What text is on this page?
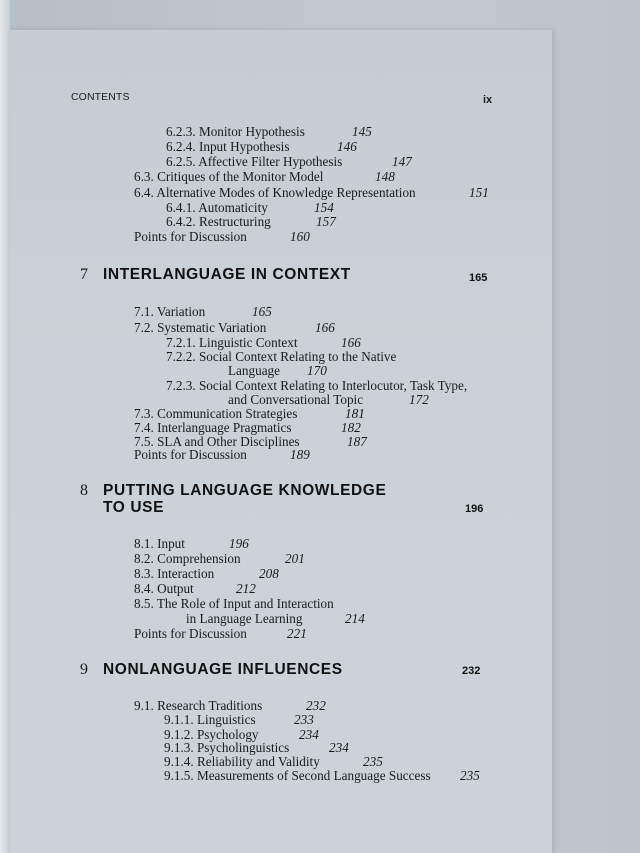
CONTENTS	ix
6.2.3. Monitor Hypothesis	145
6.2.4. Input Hypothesis	146
6.2.5. Affective Filter Hypothesis	147
6.3. Critiques of the Monitor Model	148
6.4. Alternative Modes of Knowledge Representation	151
6.4.1. Automaticity	154
6.4.2. Restructuring	157
Points for Discussion	160
7 INTERLANGUAGE IN CONTEXT	165
7.1. Variation	165
7.2. Systematic Variation	166
7.2.1. Linguistic Context	166
7.2.2. Social Context Relating to the Native
Language 170
7.2.3. Social Context Relating to Interlocutor, Task Type,
and Conversational Topic	172
7.3. Communication Strategies	181
7.4. Interlanguage Pragmatics	182
7.5. SLA and Other Disciplines	187
Points for Discussion	189
8 PUTTING LANGUAGE KNOWLEDGE
TO USE	196
8.1. Input	196
8.2. Comprehension	201
8.3. Interaction	208
8.4. Output	212
8.5. The Role of Input and Interaction
in Language Learning	214
Points for Discussion	221
9 NONLANGUAGE INFLUENCES	232
9.1. Research Traditions	232
9.1.1. Linguistics	233
9.1.2. Psychology	234
9.1.3. Psycholinguistics	234
9.1.4. Reliability and Validity	235
9.1.5. Measurements of Second Language Success 235
